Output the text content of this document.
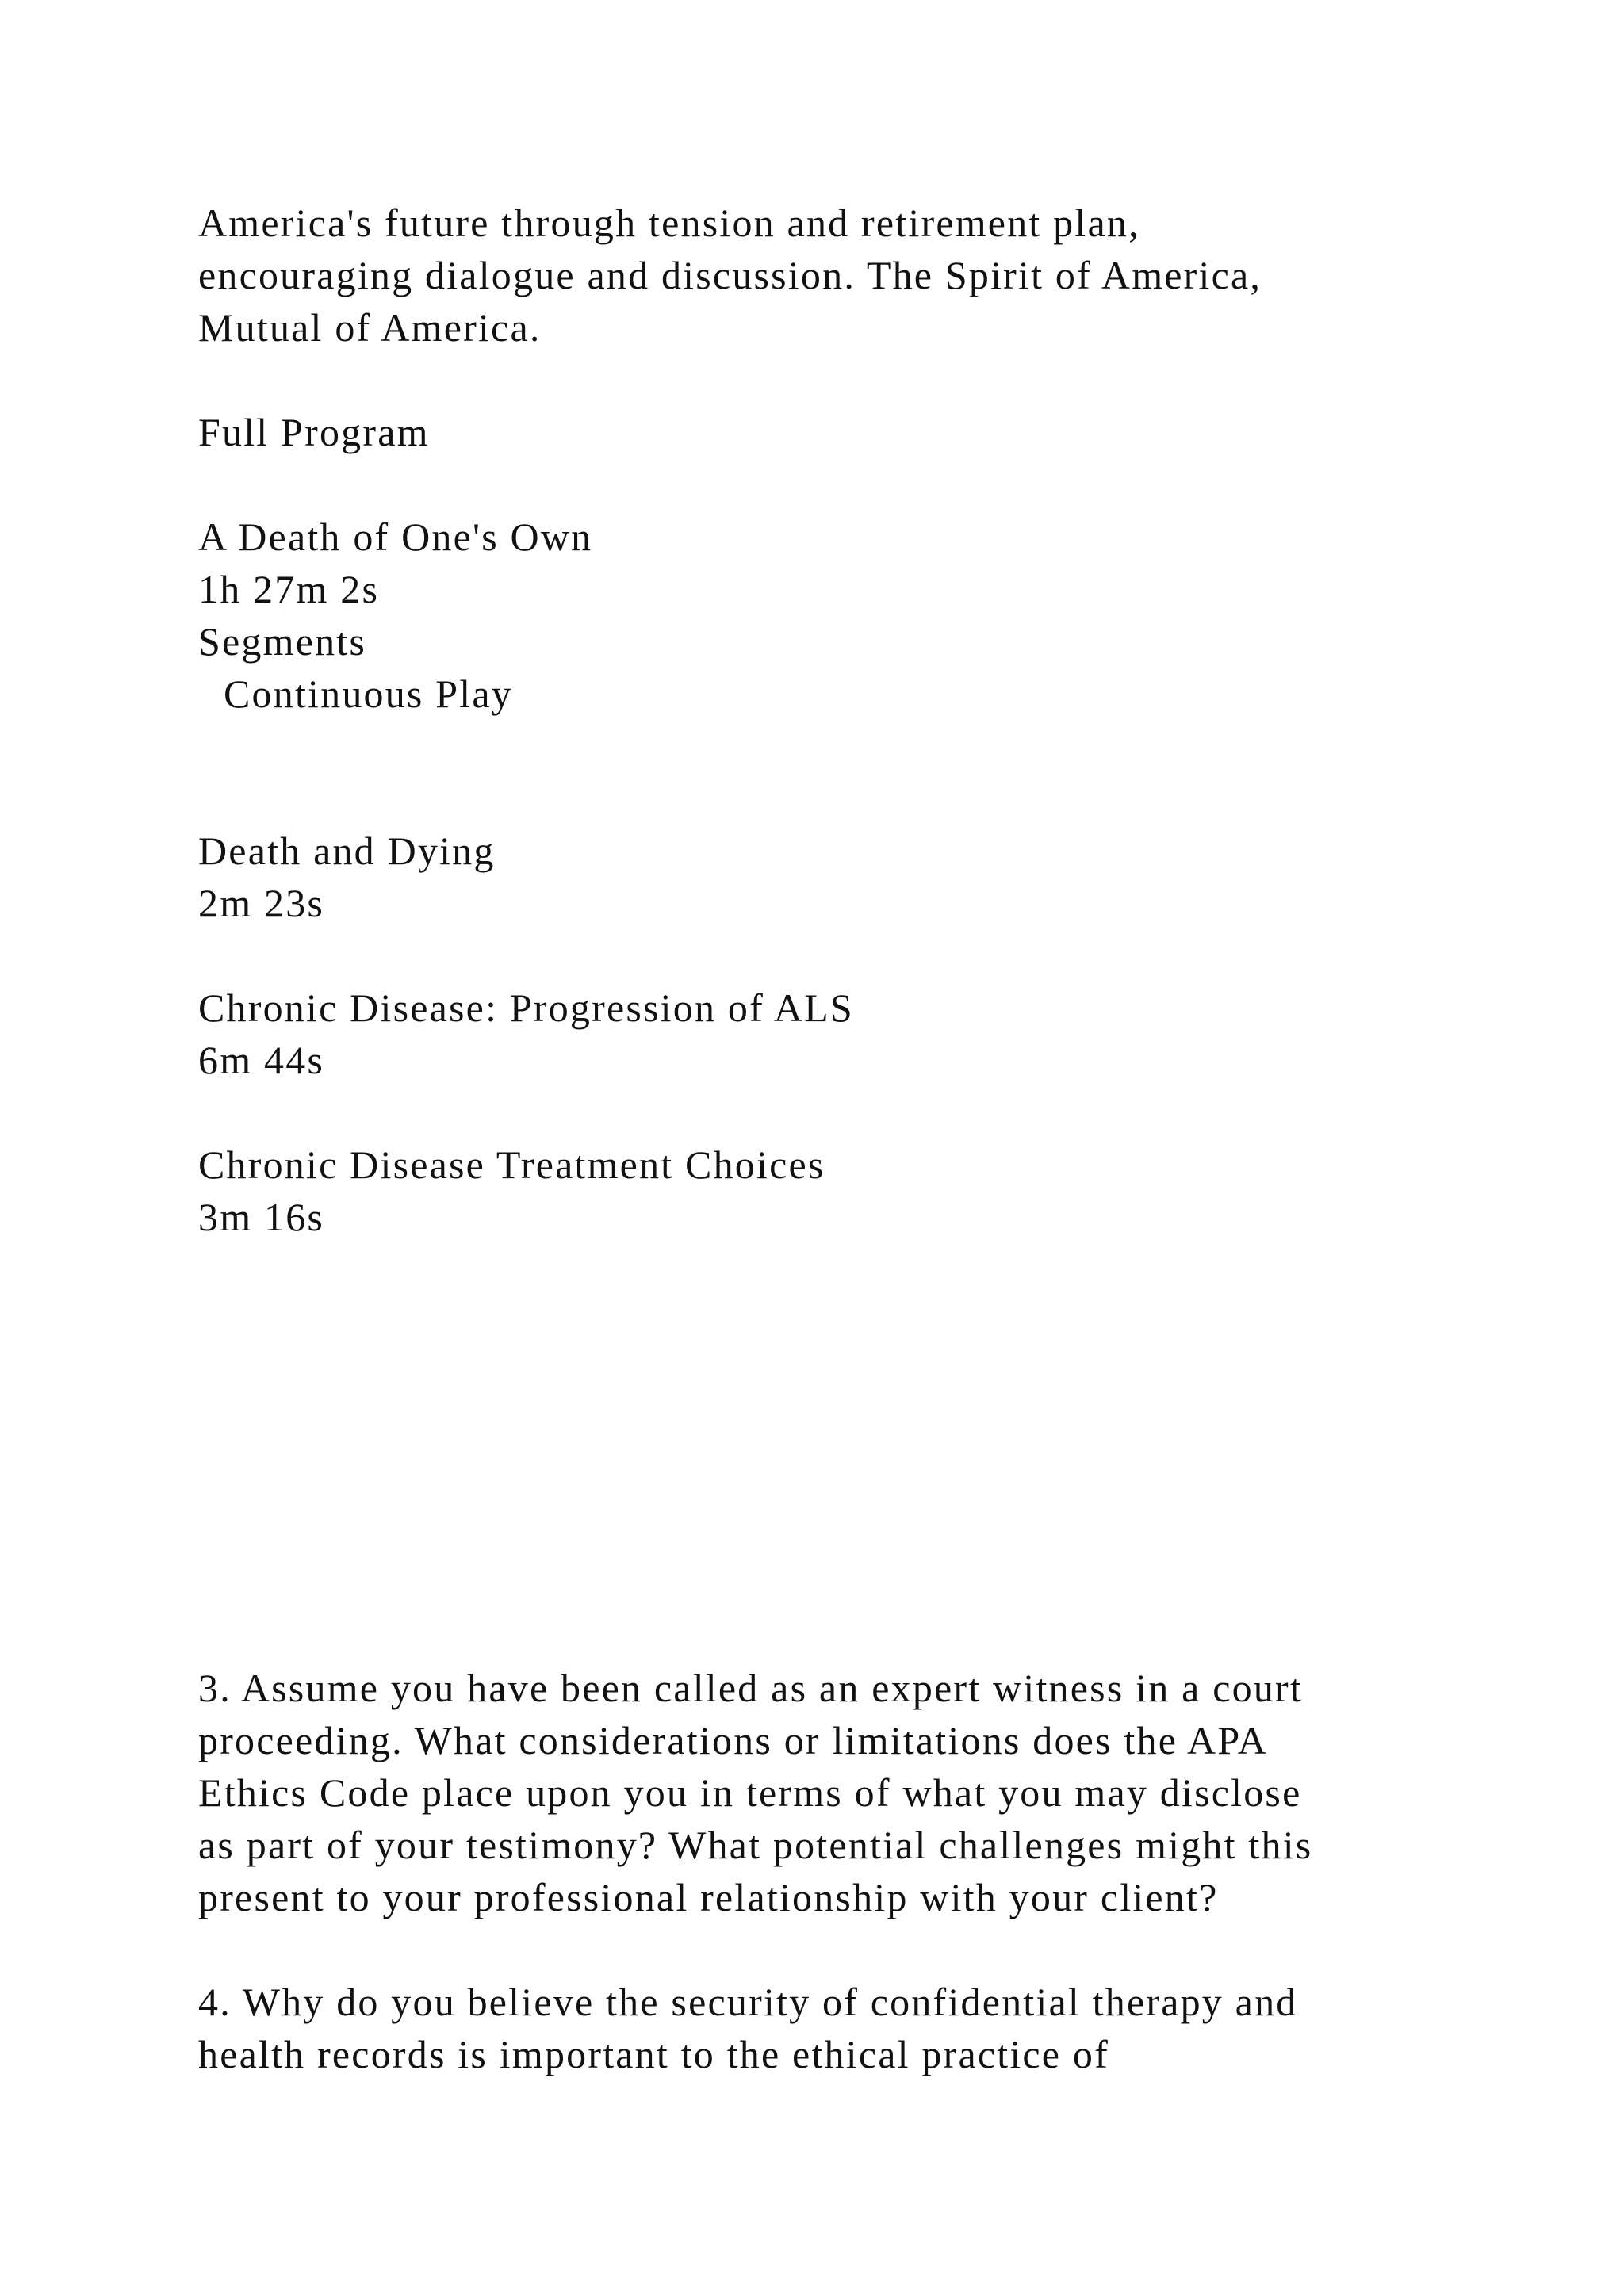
America's future through tension and retirement plan,
encouraging dialogue and discussion. The Spirit of America,
Mutual of America.
Full Program
A Death of One's Own
1h 27m 2s
Segments
Continuous Play
Death and Dying
2m 23s
Chronic Disease: Progression of ALS
6m 44s
Chronic Disease Treatment Choices
3m 16s
3. Assume you have been called as an expert witness in a court
proceeding. What considerations or limitations does the APA
Ethics Code place upon you in terms of what you may disclose
as part of your testimony? What potential challenges might this
present to your professional relationship with your client?
4. Why do you believe the security of confidential therapy and
health records is important to the ethical practice of
